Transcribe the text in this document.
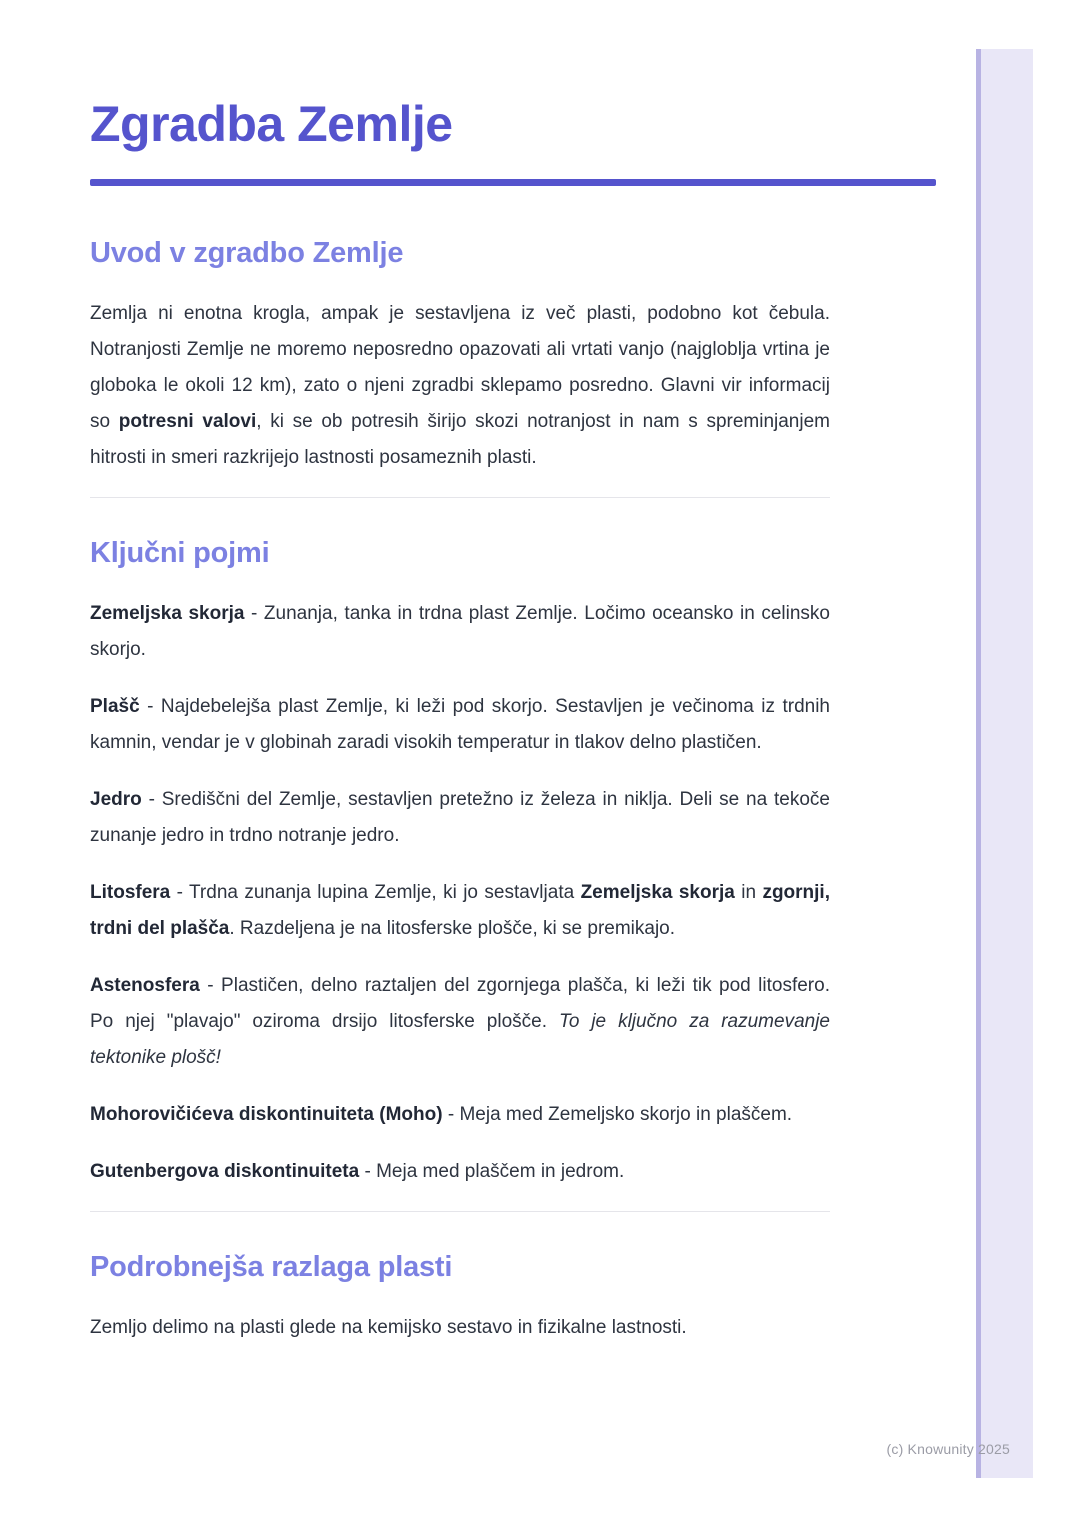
Zgradba Zemlje
Uvod v zgradbo Zemlje

Zemlja ni enotna krogla, ampak je sestavljena iz več plasti, podobno kot čebula. Notranjosti Zemlje ne moremo neposredno opazovati ali vrtati vanjo (najgloblja vrtina je globoka le okoli 12 km), zato o njeni zgradbi sklepamo posredno. Glavni vir informacij so potresni valovi, ki se ob potresih širijo skozi notranjost in nam s spreminjanjem hitrosti in smeri razkrijejo lastnosti posameznih plasti.

Ključni pojmi

Zemeljska skorja - Zunanja, tanka in trdna plast Zemlje. Ločimo oceansko in celinsko skorjo.

Plašč - Najdebelejša plast Zemlje, ki leži pod skorjo. Sestavljen je večinoma iz trdnih kamnin, vendar je v globinah zaradi visokih temperatur in tlakov delno plastičen.

Jedro - Središčni del Zemlje, sestavljen pretežno iz železa in niklja. Deli se na tekoče zunanje jedro in trdno notranje jedro.

Litosfera - Trdna zunanja lupina Zemlje, ki jo sestavljata Zemeljska skorja in zgornji, trdni del plašča. Razdeljena je na litosferske plošče, ki se premikajo.

Astenosfera - Plastičen, delno raztaljen del zgornjega plašča, ki leži tik pod litosfero. Po njej "plavajo" oziroma drsijo litosferske plošče. To je ključno za razumevanje tektonike plošč!

Mohorovičićeva diskontinuiteta (Moho) - Meja med Zemeljsko skorjo in plaščem.

Gutenbergova diskontinuiteta - Meja med plaščem in jedrom.

Podrobnejša razlaga plasti

Zemljo delimo na plasti glede na kemijsko sestavo in fizikalne lastnosti.

(c) Knowunity 2025
